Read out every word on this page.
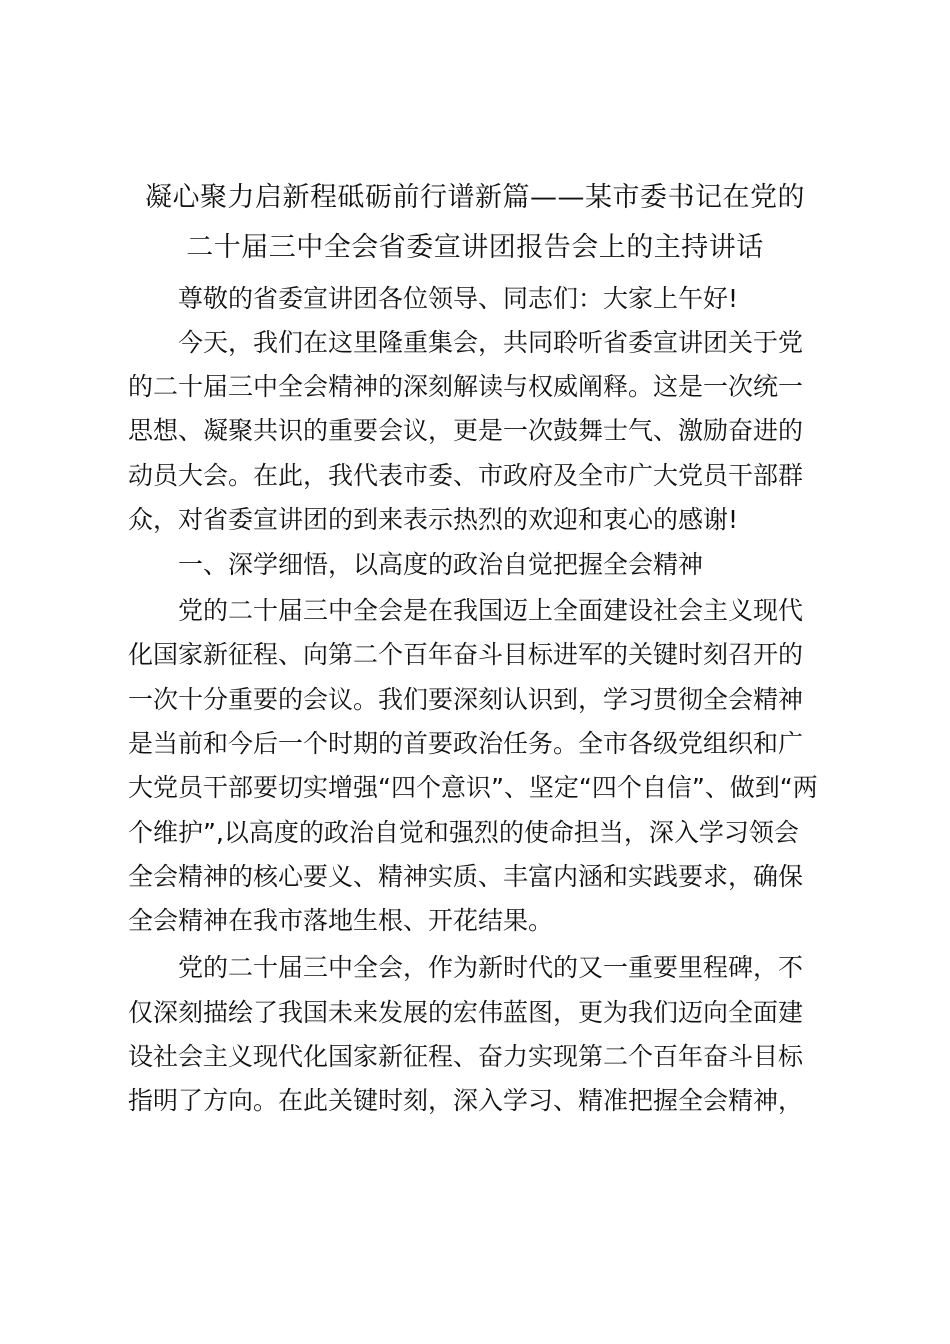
凝心聚力启新程砥砺前行谱新篇——某市委书记在党的
二十届三中全会省委宣讲团报告会上的主持讲话
尊敬的省委宣讲团各位领导、同志们：大家上午好!
今天，我们在这里隆重集会，共同聆听省委宣讲团关于党
的二十届三中全会精神的深刻解读与权威阐释。这是一次统一
思想、凝聚共识的重要会议，更是一次鼓舞士气、激励奋进的
动员大会。在此，我代表市委、市政府及全市广大党员干部群
众，对省委宣讲团的到来表示热烈的欢迎和衷心的感谢!
一、深学细悟，以高度的政治自觉把握全会精神
党的二十届三中全会是在我国迈上全面建设社会主义现代
化国家新征程、向第二个百年奋斗目标进军的关键时刻召开的
一次十分重要的会议。我们要深刻认识到，学习贯彻全会精神
是当前和今后一个时期的首要政治任务。全市各级党组织和广
大党员干部要切实增强“四个意识”、坚定“四个自信”、做到“两
个维护”,以高度的政治自觉和强烈的使命担当，深入学习领会
全会精神的核心要义、精神实质、丰富内涵和实践要求，确保
全会精神在我市落地生根、开花结果。
党的二十届三中全会，作为新时代的又一重要里程碑，不
仅深刻描绘了我国未来发展的宏伟蓝图，更为我们迈向全面建
设社会主义现代化国家新征程、奋力实现第二个百年奋斗目标
指明了方向。在此关键时刻，深入学习、精准把握全会精神，
